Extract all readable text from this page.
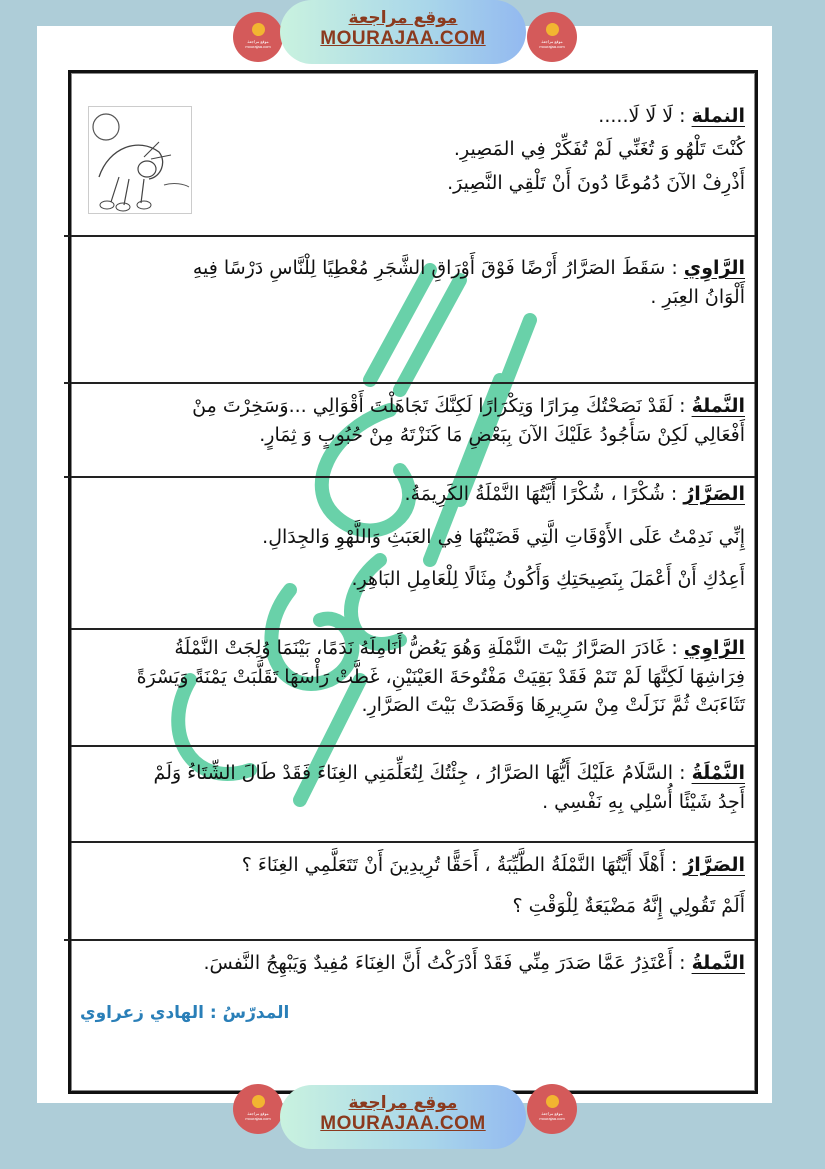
موقع مراجعة
mourajaa.com
موقع مراجعة
MOURAJAA.COM	موقع مراجعة
mourajaa.com
النملة : لَا لَا لَا.....
كُنْتَ تَلْهُو وَ تُغَنِّي لَمْ تُفَكِّرْ فِي المَصِيرِ.
أَذْرِفْ الآنَ دُمُوعًا دُونَ أَنْ تَلْقِي النَّصِيرَ.
الرَّاوِي : سَقَطَ الصَرَّارُ أَرْضًا فَوْقَ أَوْرَاقِ الشَّجَرِ مُعْطِيًا لِلْنَّاسِ دَرْسًا فِيهِ
أَلْوَانُ العِبَرِ .
النَّملةُ : لَقَدْ نَصَحْتُكَ مِرَارًا وَتِكْرَارًا لَكِنَّكَ تَجَاهَلْتَ أَقْوَالِي ...وَسَخِرْتَ مِنْ
أَفْعَالِي لَكِنْ سَأَجُودُ عَلَيْكَ الآنَ بِبَعْضِ مَا كَنَزْتَهُ مِنْ حُبُوبٍ وَ ثِمَارٍ.
الصَرَّارُ : شُكْرًا ، شُكْرًا أَيَّتُهَا النَّمْلَةُ الكَرِيمَةُ.
إِنِّي نَدِمْتُ عَلَى الأَوْقَاتِ الَّتِي قَضَيْتُهَا فِي العَبَثِ وَاللَّهْوِ وَالجِدَالِ.
أَعِدُكِ أَنْ أَعْمَلَ بِنَصِيحَتِكِ وَأَكُونُ مِثَالًا لِلْعَامِلِ البَاهِرِ.
الرَّاوِي : غَادَرَ الصَرَّارُ بَيْتَ النَّمْلَةِ وَهُوَ يَعُضُّ أَنَامِلَهُ نَدَمًا، بَيْنَمَا وُلِجَتْ النَّمْلَةُ
فِرَاشِهَا لَكِنَّهَا لَمْ تَنَمْ فَقَدْ بَقِيَتْ مَفْتُوحَةَ العَيْنَيْنِ، غَطَّتْ رَأْسَهَا تَقَلَّبَتْ يَمْنَةً وَيَسْرَةً
تَثَاءَبَتْ ثُمَّ نَزَلَتْ مِنْ سَرِيرِهَا وَقَصَدَتْ بَيْتَ الصَرَّارِ.
النَّمْلَةُ : السَّلَامُ عَلَيْكَ أَيُّهَا الصَرَّارُ ، جِئْتُكَ لِتُعَلِّمَنِي الغِنَاءَ فَقَدْ طَالَ الشِّتَاءُ وَلَمْ
أَجِدُ شَيْئًا أُسْلِي بِهِ نَفْسِي .
الصَرَّارُ : أَهْلًا أَيَّتُهَا النَّمْلَةُ الطَّيِّبَةُ ، أَحَقًّا تُرِيدِينَ أَنْ تَتَعَلَّمِي الغِنَاءَ ؟
أَلَمْ تَقُولِي إِنَّهُ مَضْيَعَةٌ لِلْوَقْتِ ؟
النَّملةُ : أَعْتَذِرُ عَمَّا صَدَرَ مِنِّي فَقَدْ أَدْرَكْتُ أَنَّ الغِنَاءَ مُفِيدٌ وَيَبْهِجُ النَّفسَ.
المدرّسُ : الهادي زعراوي
موقع مراجعة
mourajaa.com
موقع مراجعة
MOURAJAA.COM	موقع مراجعة
mourajaa.com
